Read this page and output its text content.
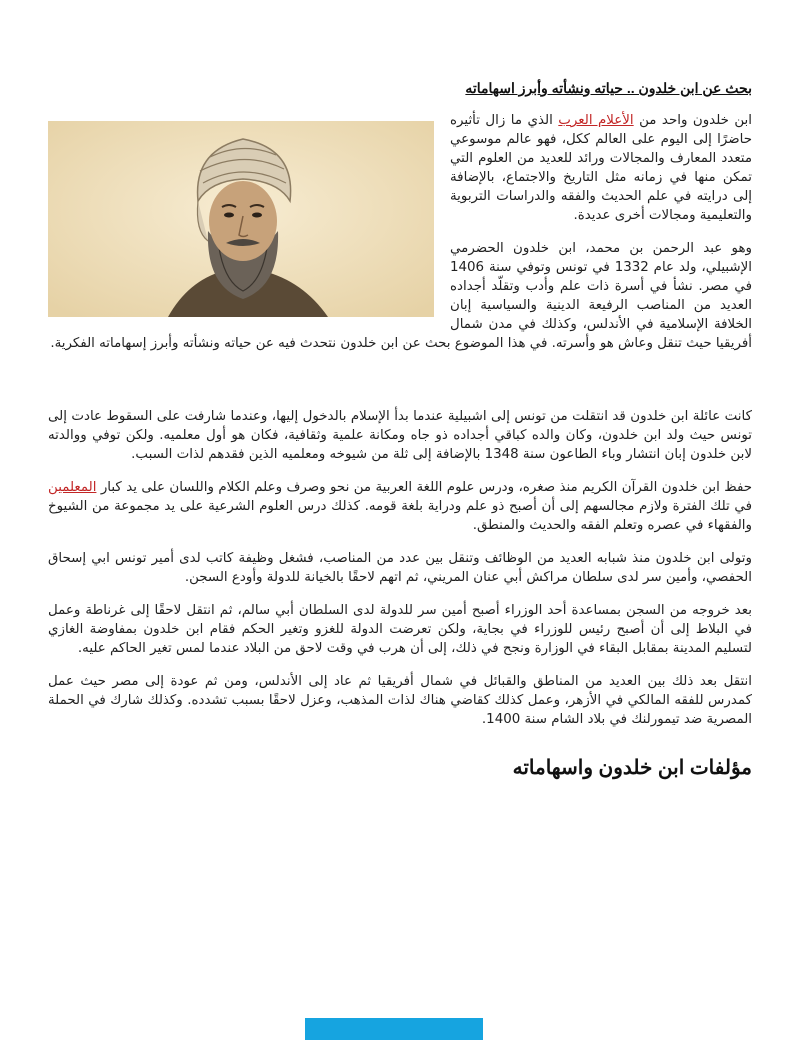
بحث عن ابن خلدون .. حياته ونشأته وأبرز اسهاماته

ابن خلدون واحد من الأعلام العرب الذي ما زال تأثيره حاضرًا إلى اليوم على العالم ككل، فهو عالم موسوعي متعدد المعارف والمجالات ورائد للعديد من العلوم التي تمكن منها في زمانه مثل التاريخ والاجتماع، بالإضافة إلى درايته في علم الحديث والفقه والدراسات التربوية والتعليمية ومجالات أخرى عديدة.

وهو عبد الرحمن بن محمد، ابن خلدون الحضرمي الإشبيلي، ولد عام 1332 في تونس وتوفي سنة 1406 في مصر. نشأ في أسرة ذات علم وأدب وتقلّد أجداده العديد من المناصب الرفيعة الدينية والسياسية إبان الخلافة الإسلامية في الأندلس، وكذلك في مدن شمال أفريقيا حيث تنقل وعاش هو وأسرته. في هذا الموضوع بحث عن ابن خلدون نتحدث فيه عن حياته ونشأته وأبرز إسهاماته الفكرية.

كانت عائلة ابن خلدون قد انتقلت من تونس إلى اشبيلية عندما بدأ الإسلام بالدخول إليها، وعندما شارفت على السقوط عادت إلى تونس حيث ولد ابن خلدون، وكان والده كباقي أجداده ذو جاه ومكانة علمية وثقافية، فكان هو أول معلميه. ولكن توفي ووالدته لابن خلدون إبان انتشار وباء الطاعون سنة 1348 بالإضافة إلى ثلة من شيوخه ومعلميه الذين فقدهم لذات السبب.

حفظ ابن خلدون القرآن الكريم منذ صغره، ودرس علوم اللغة العربية من نحو وصرف وعلم الكلام واللسان على يد كبار المعلمين في تلك الفترة ولازم مجالسهم إلى أن أصبح ذو علم ودراية بلغة قومه. كذلك درس العلوم الشرعية على يد مجموعة من الشيوخ والفقهاء في عصره وتعلم الفقه والحديث والمنطق.

وتولى ابن خلدون منذ شبابه العديد من الوظائف وتنقل بين عدد من المناصب، فشغل وظيفة كاتب لدى أمير تونس ابي إسحاق الحفصي، وأمين سر لدى سلطان مراكش أبي عنان المريني، ثم اتهم لاحقًا بالخيانة للدولة وأودع السجن.

بعد خروجه من السجن بمساعدة أحد الوزراء أصبح أمين سر للدولة لدى السلطان أبي سالم، ثم انتقل لاحقًا إلى غرناطة وعمل في البلاط إلى أن أصبح رئيس للوزراء في بجاية، ولكن تعرضت الدولة للغزو وتغير الحكم فقام ابن خلدون بمفاوضة الغازي لتسليم المدينة بمقابل البقاء في الوزارة ونجح في ذلك، إلى أن هرب في وقت لاحق من البلاد عندما لمس تغير الحاكم عليه.

انتقل بعد ذلك بين العديد من المناطق والقبائل في شمال أفريقيا ثم عاد إلى الأندلس، ومن ثم عودة إلى مصر حيث عمل كمدرس للفقه المالكي في الأزهر، وعمل كذلك كقاضي هناك لذات المذهب، وعزل لاحقًا بسبب تشدده. وكذلك شارك في الحملة المصرية ضد تيمورلنك في بلاد الشام سنة 1400.

مؤلفات ابن خلدون واسهاماته
